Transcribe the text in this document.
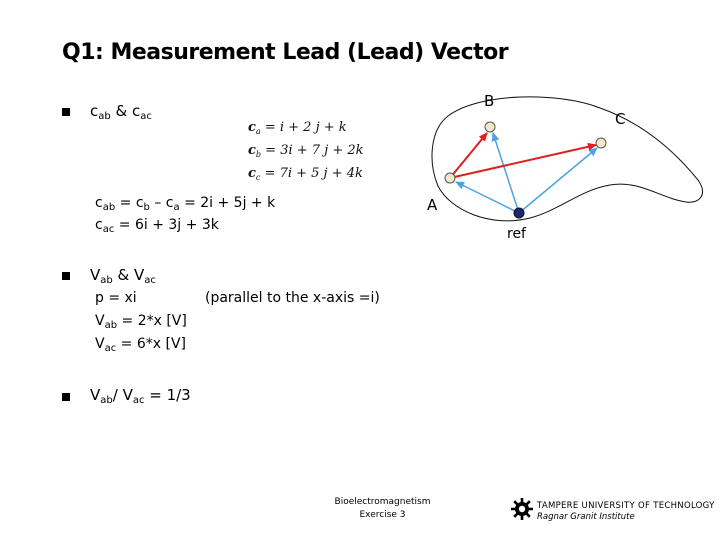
Q1: Measurement Lead (Lead) Vector
$c_{ab}$ & $c_{ac}$
$c_a = i + 2$ j + k
$c_b = 3i + 7$ j + 2k
$c_c = 7i + 5$ j + 4k
$c_{ab} = c_b - c_a = 2i + 5j + k$
$c_{ac} = 6i + 3j + 3k$
$V_{ab}$ & $V_{ac}$
p = xi	(parallel to the x-axis =i)
$V_{ab} = 2*x$ [V]
$V_{ac} = 6*x$ [V]
$V_{ab}/$ $V_{ac} = 1/3$
B
C
A
ref
Bioelectromagnetism
Exercise 3
TAMPERE UNIVERSITY OF TECHNOLOGY
Ragnar Granit Institute
